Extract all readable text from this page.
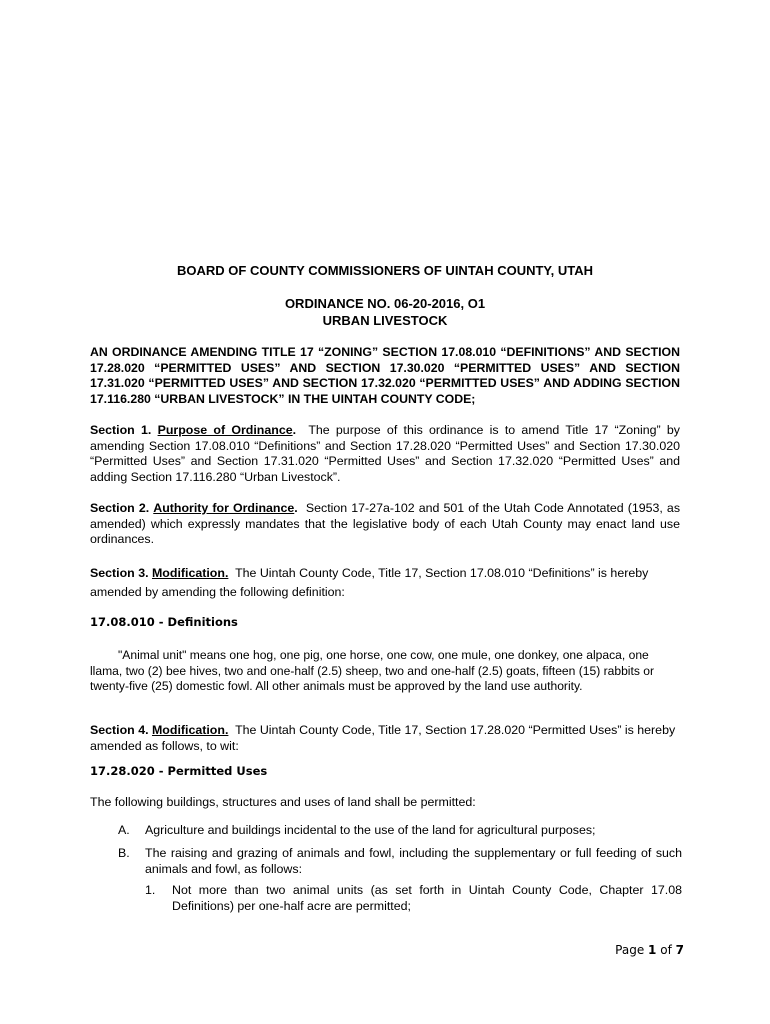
BOARD OF COUNTY COMMISSIONERS OF UINTAH COUNTY, UTAH
ORDINANCE NO. 06-20-2016, O1
URBAN LIVESTOCK
AN ORDINANCE AMENDING TITLE 17 “ZONING” SECTION 17.08.010 “DEFINITIONS” AND SECTION 17.28.020 “PERMITTED USES” AND SECTION 17.30.020 “PERMITTED USES” AND SECTION 17.31.020 “PERMITTED USES” AND SECTION 17.32.020 “PERMITTED USES” AND ADDING SECTION 17.116.280 “URBAN LIVESTOCK” IN THE UINTAH COUNTY CODE;
Section 1. Purpose of Ordinance. The purpose of this ordinance is to amend Title 17 “Zoning” by amending Section 17.08.010 “Definitions” and Section 17.28.020 “Permitted Uses” and Section 17.30.020 “Permitted Uses” and Section 17.31.020 “Permitted Uses” and Section 17.32.020 “Permitted Uses” and adding Section 17.116.280 “Urban Livestock”.
Section 2. Authority for Ordinance. Section 17-27a-102 and 501 of the Utah Code Annotated (1953, as amended) which expressly mandates that the legislative body of each Utah County may enact land use ordinances.
Section 3. Modification. The Uintah County Code, Title 17, Section 17.08.010 “Definitions” is hereby amended by amending the following definition:
17.08.010 - Definitions
"Animal unit" means one hog, one pig, one horse, one cow, one mule, one donkey, one alpaca, one llama, two (2) bee hives, two and one-half (2.5) sheep, two and one-half (2.5) goats, fifteen (15) rabbits or twenty-five (25) domestic fowl. All other animals must be approved by the land use authority.
Section 4. Modification. The Uintah County Code, Title 17, Section 17.28.020 “Permitted Uses” is hereby amended as follows, to wit:
17.28.020 - Permitted Uses
The following buildings, structures and uses of land shall be permitted:
A. Agriculture and buildings incidental to the use of the land for agricultural purposes;
B. The raising and grazing of animals and fowl, including the supplementary or full feeding of such animals and fowl, as follows:
1. Not more than two animal units (as set forth in Uintah County Code, Chapter 17.08 Definitions) per one-half acre are permitted;
Page 1 of 7
